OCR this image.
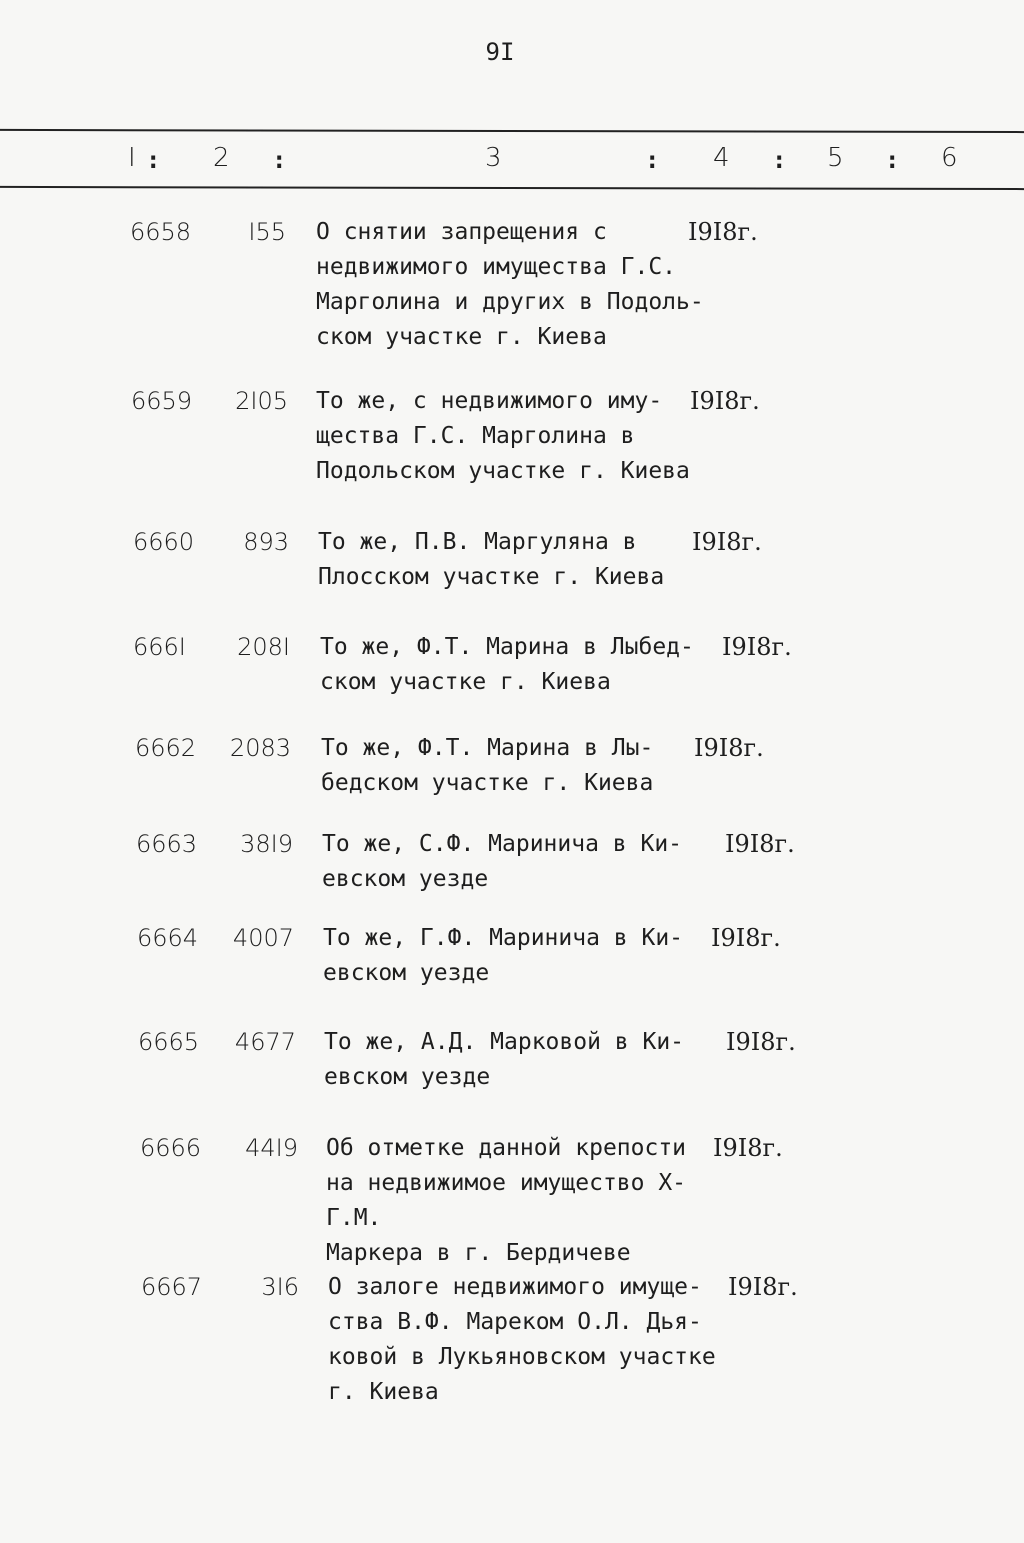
9I
I : 2 :	3	: 4 : 5 : 6
6658	I55 О снятии запрещения с
недвижимого имущества Г.С.
Марголина и других в Подоль-
ском участке г. Киева
I9I8г.
6659	2I05 То же, с недвижимого иму-
щества Г.С. Марголина в
Подольском участке г. Киева
I9I8г.
6660	893 То же, П.В. Маргуляна в
Плосском участке г. Киева
I9I8г.
666I	208I То же, Ф.Т. Марина в Лыбед-
ском участке г. Киева
I9I8г.
6662	2083 То же, Ф.Т. Марина в Лы-
бедском участке г. Киева
I9I8г.
6663	38I9 То же, С.Ф. Маринича в Ки-
евском уезде
I9I8г.
6664	4007 То же, Г.Ф. Маринича в Ки-
евском уезде
I9I8г.
6665	4677 То же, А.Д. Марковой в Ки-
евском уезде
I9I8г.
6666	44I9 Об отметке данной крепости
на недвижимое имущество Х-Г.М.
Маркера в г. Бердичеве
I9I8г.
6667	3I6 О залоге недвижимого имуще-
ства В.Ф. Мареком О.Л. Дья-
ковой в Лукьяновском участке
г. Киева
I9I8г.
